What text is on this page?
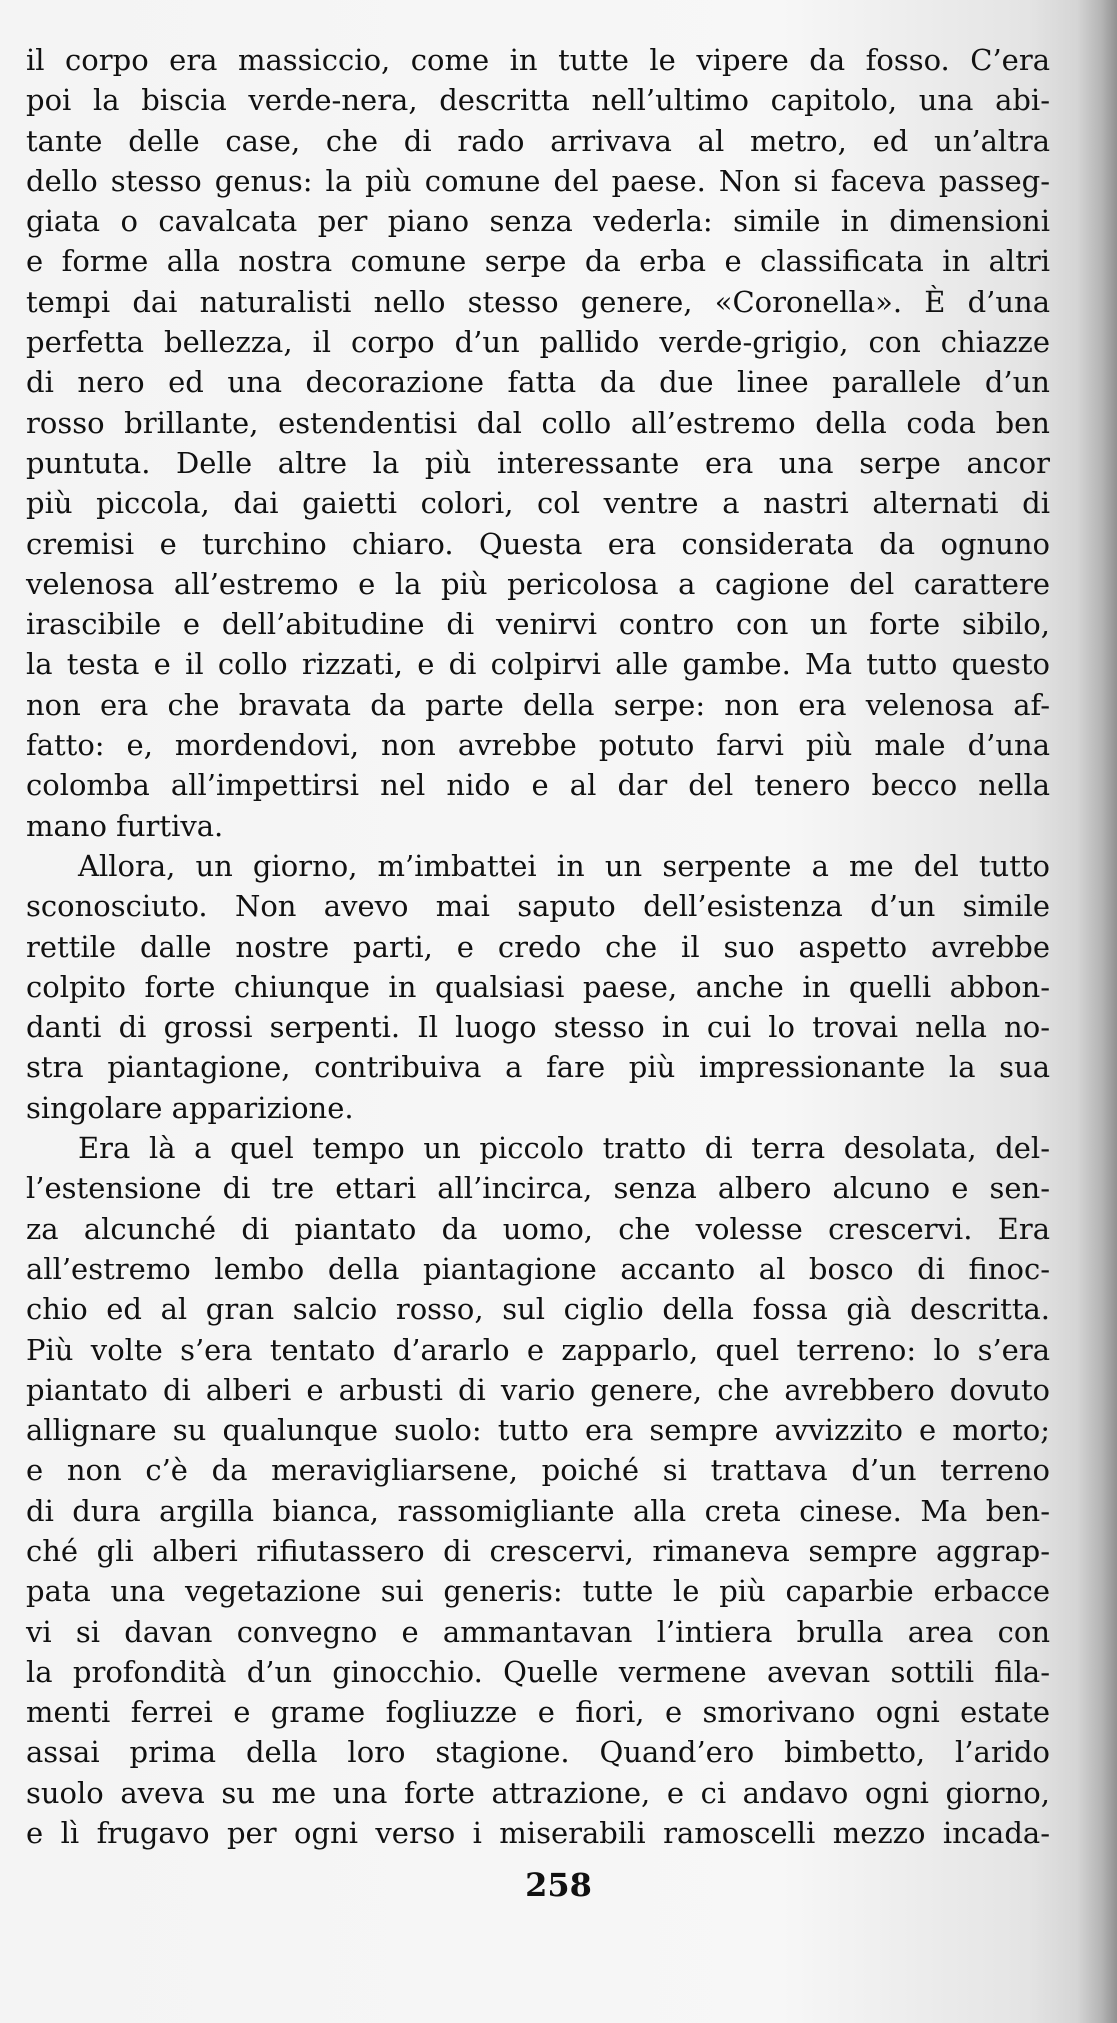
il corpo era massiccio, come in tutte le vipere da fosso. C’era
poi la biscia verde-nera, descritta nell’ultimo capitolo, una abi-
tante delle case, che di rado arrivava al metro, ed un’altra
dello stesso genus: la più comune del paese. Non si faceva passeg-
giata o cavalcata per piano senza vederla: simile in dimensioni
e forme alla nostra comune serpe da erba e classificata in altri
tempi dai naturalisti nello stesso genere, «Coronella». È d’una
perfetta bellezza, il corpo d’un pallido verde-grigio, con chiazze
di nero ed una decorazione fatta da due linee parallele d’un
rosso brillante, estendentisi dal collo all’estremo della coda ben
puntuta. Delle altre la più interessante era una serpe ancor
più piccola, dai gaietti colori, col ventre a nastri alternati di
cremisi e turchino chiaro. Questa era considerata da ognuno
velenosa all’estremo e la più pericolosa a cagione del carattere
irascibile e dell’abitudine di venirvi contro con un forte sibilo,
la testa e il collo rizzati, e di colpirvi alle gambe. Ma tutto questo
non era che bravata da parte della serpe: non era velenosa af-
fatto: e, mordendovi, non avrebbe potuto farvi più male d’una
colomba all’impettirsi nel nido e al dar del tenero becco nella
mano furtiva.
Allora, un giorno, m’imbattei in un serpente a me del tutto
sconosciuto. Non avevo mai saputo dell’esistenza d’un simile
rettile dalle nostre parti, e credo che il suo aspetto avrebbe
colpito forte chiunque in qualsiasi paese, anche in quelli abbon-
danti di grossi serpenti. Il luogo stesso in cui lo trovai nella no-
stra piantagione, contribuiva a fare più impressionante la sua
singolare apparizione.
Era là a quel tempo un piccolo tratto di terra desolata, del-
l’estensione di tre ettari all’incirca, senza albero alcuno e sen-
za alcunché di piantato da uomo, che volesse crescervi. Era
all’estremo lembo della piantagione accanto al bosco di finoc-
chio ed al gran salcio rosso, sul ciglio della fossa già descritta.
Più volte s’era tentato d’ararlo e zapparlo, quel terreno: lo s’era
piantato di alberi e arbusti di vario genere, che avrebbero dovuto
allignare su qualunque suolo: tutto era sempre avvizzito e morto;
e non c’è da meravigliarsene, poiché si trattava d’un terreno
di dura argilla bianca, rassomigliante alla creta cinese. Ma ben-
ché gli alberi rifiutassero di crescervi, rimaneva sempre aggrap-
pata una vegetazione sui generis: tutte le più caparbie erbacce
vi si davan convegno e ammantavan l’intiera brulla area con
la profondità d’un ginocchio. Quelle vermene avevan sottili fila-
menti ferrei e grame fogliuzze e fiori, e smorivano ogni estate
assai prima della loro stagione. Quand’ero bimbetto, l’arido
suolo aveva su me una forte attrazione, e ci andavo ogni giorno,
e lì frugavo per ogni verso i miserabili ramoscelli mezzo incada-
258
